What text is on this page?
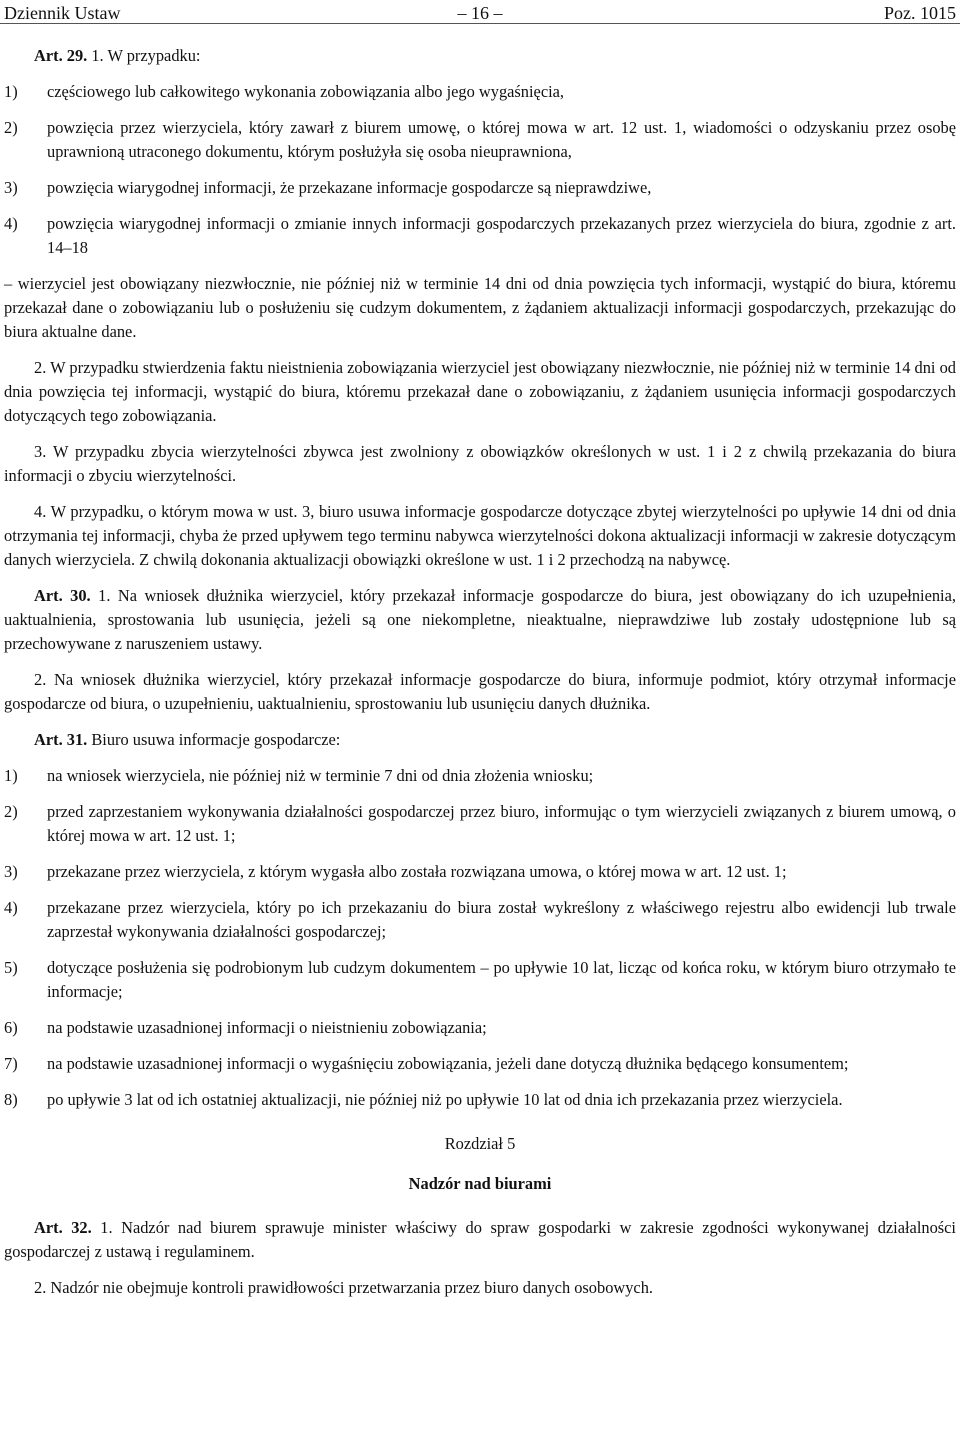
Dziennik Ustaw	– 16 –	Poz. 1015

Art. 29. 1. W przypadku:

1) częściowego lub całkowitego wykonania zobowiązania albo jego wygaśnięcia,
2) powzięcia przez wierzyciela, który zawarł z biurem umowę, o której mowa w art. 12 ust. 1, wiadomości o odzyskaniu przez osobę uprawnioną utraconego dokumentu, którym posłużyła się osoba nieuprawniona,
3) powzięcia wiarygodnej informacji, że przekazane informacje gospodarcze są nieprawdziwe,
4) powzięcia wiarygodnej informacji o zmianie innych informacji gospodarczych przekazanych przez wierzyciela do biura, zgodnie z art. 14–18

– wierzyciel jest obowiązany niezwłocznie, nie później niż w terminie 14 dni od dnia powzięcia tych informacji, wystąpić do biura, któremu przekazał dane o zobowiązaniu lub o posłużeniu się cudzym dokumentem, z żądaniem aktualizacji informacji gospodarczych, przekazując do biura aktualne dane.

2. W przypadku stwierdzenia faktu nieistnienia zobowiązania wierzyciel jest obowiązany niezwłocznie, nie później niż w terminie 14 dni od dnia powzięcia tej informacji, wystąpić do biura, któremu przekazał dane o zobowiązaniu, z żądaniem usunięcia informacji gospodarczych dotyczących tego zobowiązania.

3. W przypadku zbycia wierzytelności zbywca jest zwolniony z obowiązków określonych w ust. 1 i 2 z chwilą przekazania do biura informacji o zbyciu wierzytelności.

4. W przypadku, o którym mowa w ust. 3, biuro usuwa informacje gospodarcze dotyczące zbytej wierzytelności po upływie 14 dni od dnia otrzymania tej informacji, chyba że przed upływem tego terminu nabywca wierzytelności dokona aktualizacji informacji w zakresie dotyczącym danych wierzyciela. Z chwilą dokonania aktualizacji obowiązki określone w ust. 1 i 2 przechodzą na nabywcę.

Art. 30. 1. Na wniosek dłużnika wierzyciel, który przekazał informacje gospodarcze do biura, jest obowiązany do ich uzupełnienia, uaktualnienia, sprostowania lub usunięcia, jeżeli są one niekompletne, nieaktualne, nieprawdziwe lub zostały udostępnione lub są przechowywane z naruszeniem ustawy.

2. Na wniosek dłużnika wierzyciel, który przekazał informacje gospodarcze do biura, informuje podmiot, który otrzymał informacje gospodarcze od biura, o uzupełnieniu, uaktualnieniu, sprostowaniu lub usunięciu danych dłużnika.

Art. 31. Biuro usuwa informacje gospodarcze:

1) na wniosek wierzyciela, nie później niż w terminie 7 dni od dnia złożenia wniosku;
2) przed zaprzestaniem wykonywania działalności gospodarczej przez biuro, informując o tym wierzycieli związanych z biurem umową, o której mowa w art. 12 ust. 1;
3) przekazane przez wierzyciela, z którym wygasła albo została rozwiązana umowa, o której mowa w art. 12 ust. 1;
4) przekazane przez wierzyciela, który po ich przekazaniu do biura został wykreślony z właściwego rejestru albo ewidencji lub trwale zaprzestał wykonywania działalności gospodarczej;
5) dotyczące posłużenia się podrobionym lub cudzym dokumentem – po upływie 10 lat, licząc od końca roku, w którym biuro otrzymało te informacje;
6) na podstawie uzasadnionej informacji o nieistnieniu zobowiązania;
7) na podstawie uzasadnionej informacji o wygaśnięciu zobowiązania, jeżeli dane dotyczą dłużnika będącego konsumentem;
8) po upływie 3 lat od ich ostatniej aktualizacji, nie później niż po upływie 10 lat od dnia ich przekazania przez wierzyciela.

Rozdział 5

Nadzór nad biurami

Art. 32. 1. Nadzór nad biurem sprawuje minister właściwy do spraw gospodarki w zakresie zgodności wykonywanej działalności gospodarczej z ustawą i regulaminem.

2. Nadzór nie obejmuje kontroli prawidłowości przetwarzania przez biuro danych osobowych.
